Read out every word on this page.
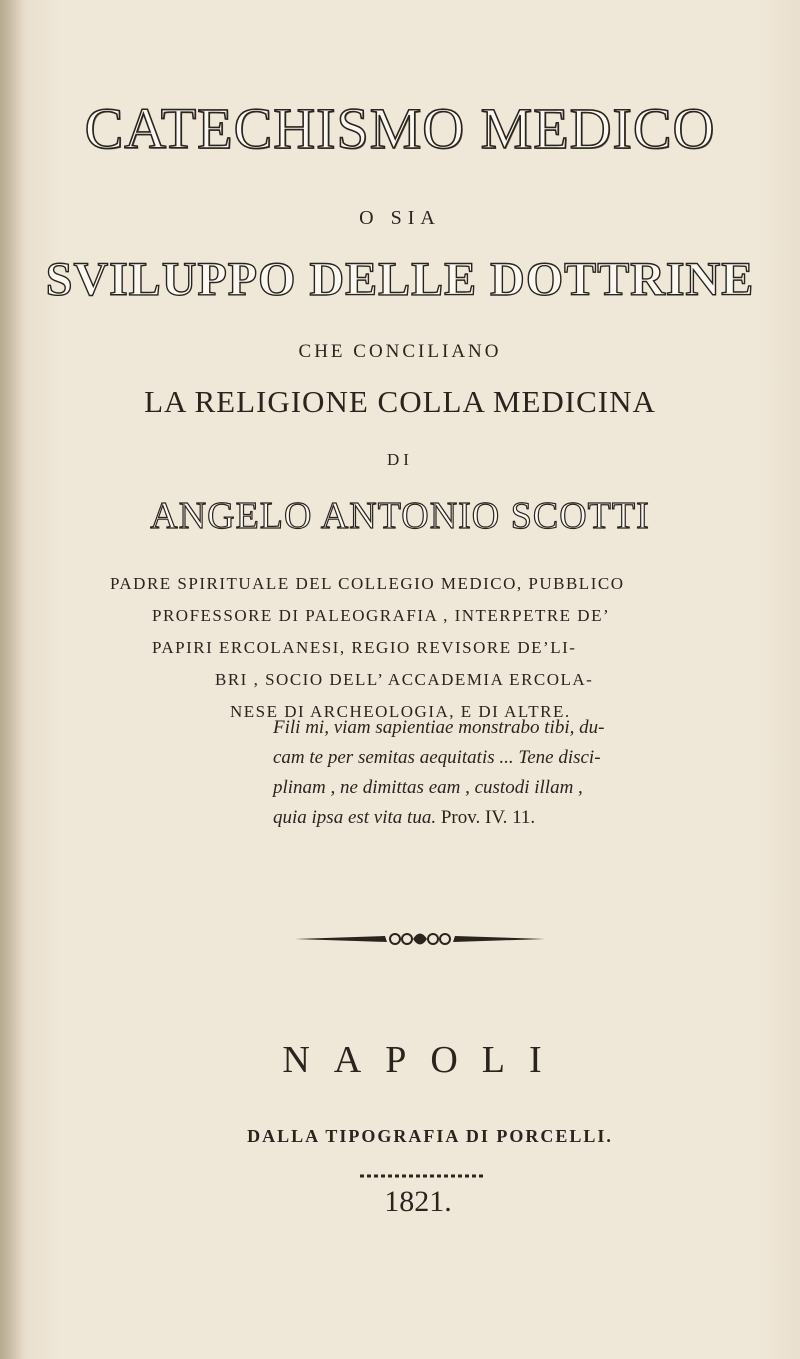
CATECHISMO MEDICO
O SIA
SVILUPPO DELLE DOTTRINE
CHE CONCILIANO
LA RELIGIONE COLLA MEDICINA
DI
ANGELO ANTONIO SCOTTI
PADRE SPIRITUALE DEL COLLEGIO MEDICO, PUBBLICO
PROFESSORE DI PALEOGRAFIA , INTERPETRE DE’
PAPIRI ERCOLANESI, REGIO REVISORE DE’LI-
BRI , SOCIO DELL’ ACCADEMIA ERCOLA-
NESE DI ARCHEOLOGIA, E DI ALTRE.
Fili mi, viam sapientiae monstrabo tibi, du-
cam te per semitas aequitatis ... Tene disci-
plinam , ne dimittas eam , custodi illam ,
quia ipsa est vita tua. Prov. IV. 11.
NAPOLI
DALLA TIPOGRAFIA DI PORCELLI.
1821.
